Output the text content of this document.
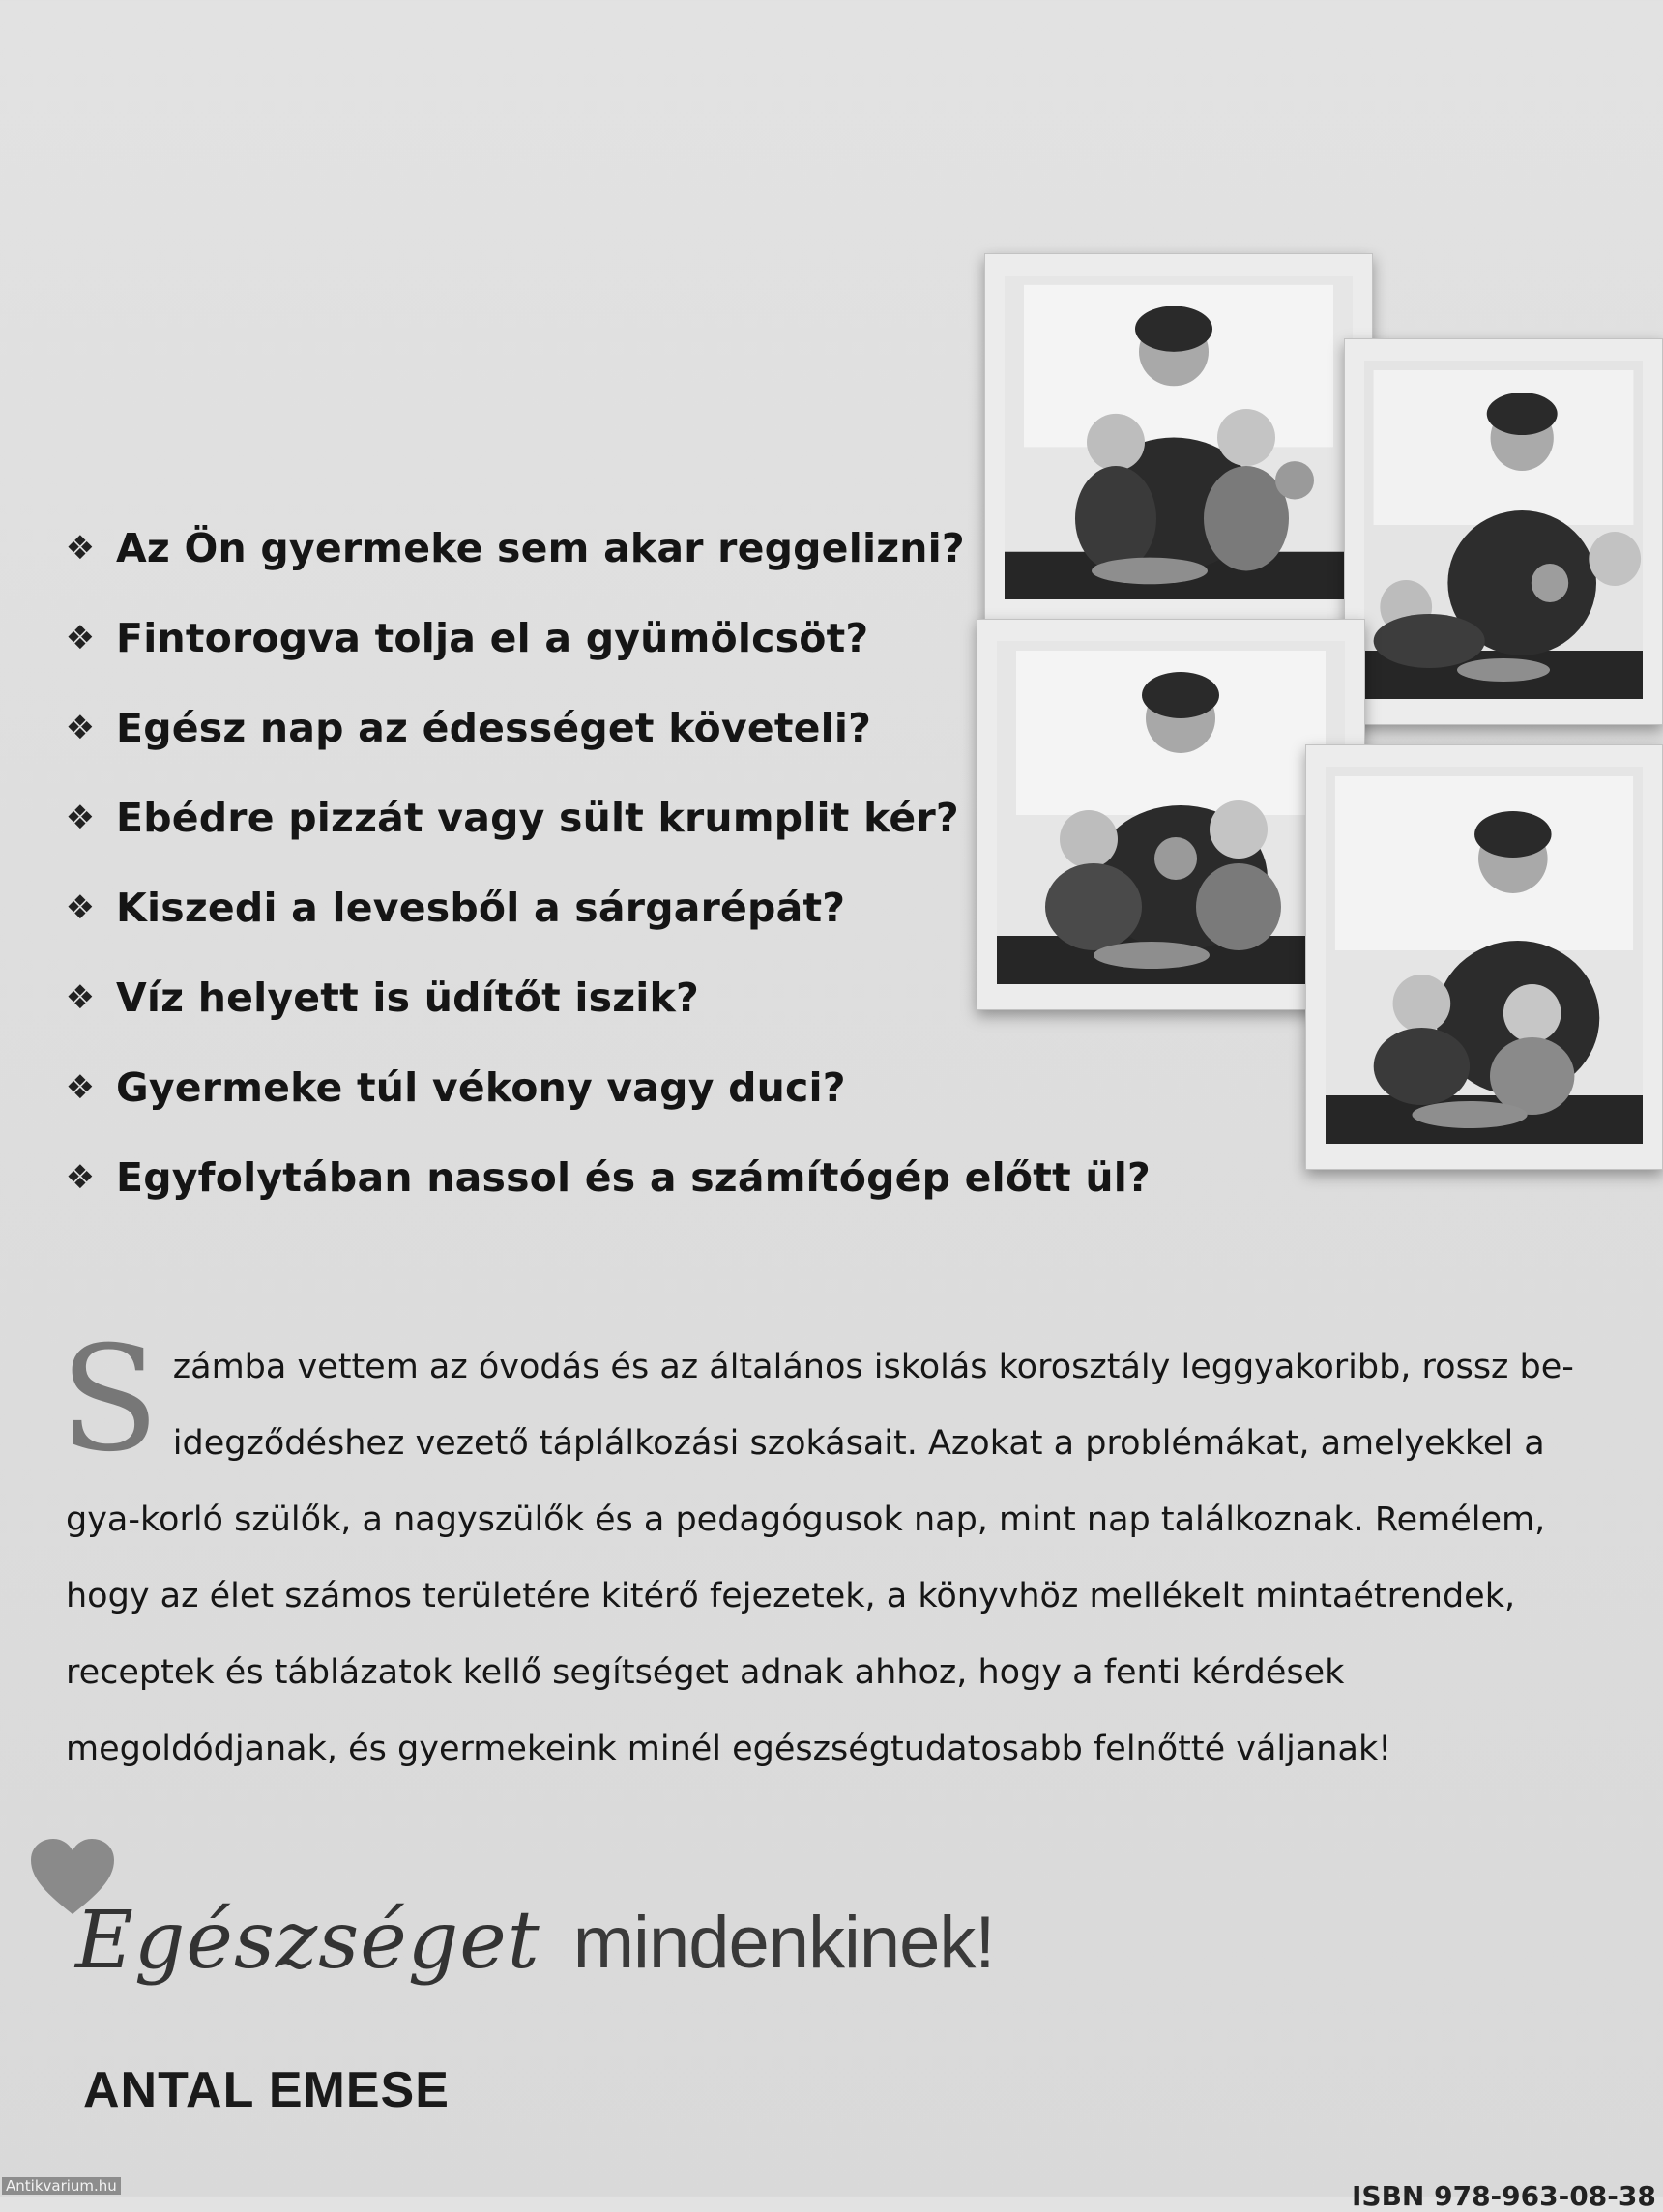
❖ Az Ön gyermeke sem akar reggelizni?
❖ Fintorogva tolja el a gyümölcsöt?
❖ Egész nap az édességet követeli?
❖ Ebédre pizzát vagy sült krumplit kér?
❖ Kiszedi a levesből a sárgarépát?
❖ Víz helyett is üdítőt iszik?
❖ Gyermeke túl vékony vagy duci?
❖ Egyfolytában nassol és a számítógép előtt ül?

Számba vettem az óvodás és az általános iskolás korosztály leggyakoribb, rossz be-idegződéshez vezető táplálkozási szokásait. Azokat a problémákat, amelyekkel a gya-korló szülők, a nagyszülők és a pedagógusok nap, mint nap találkoznak. Remélem, hogy az élet számos területére kitérő fejezetek, a könyvhöz mellékelt mintaétrendek, receptek és táblázatok kellő segítséget adnak ahhoz, hogy a fenti kérdések megoldódjanak, és gyermekeink minél egészségtudatosabb felnőtté váljanak!

Egészséget mindenkinek!
ANTAL EMESE
Antikvarium.hu	ISBN 978-963-08-38
